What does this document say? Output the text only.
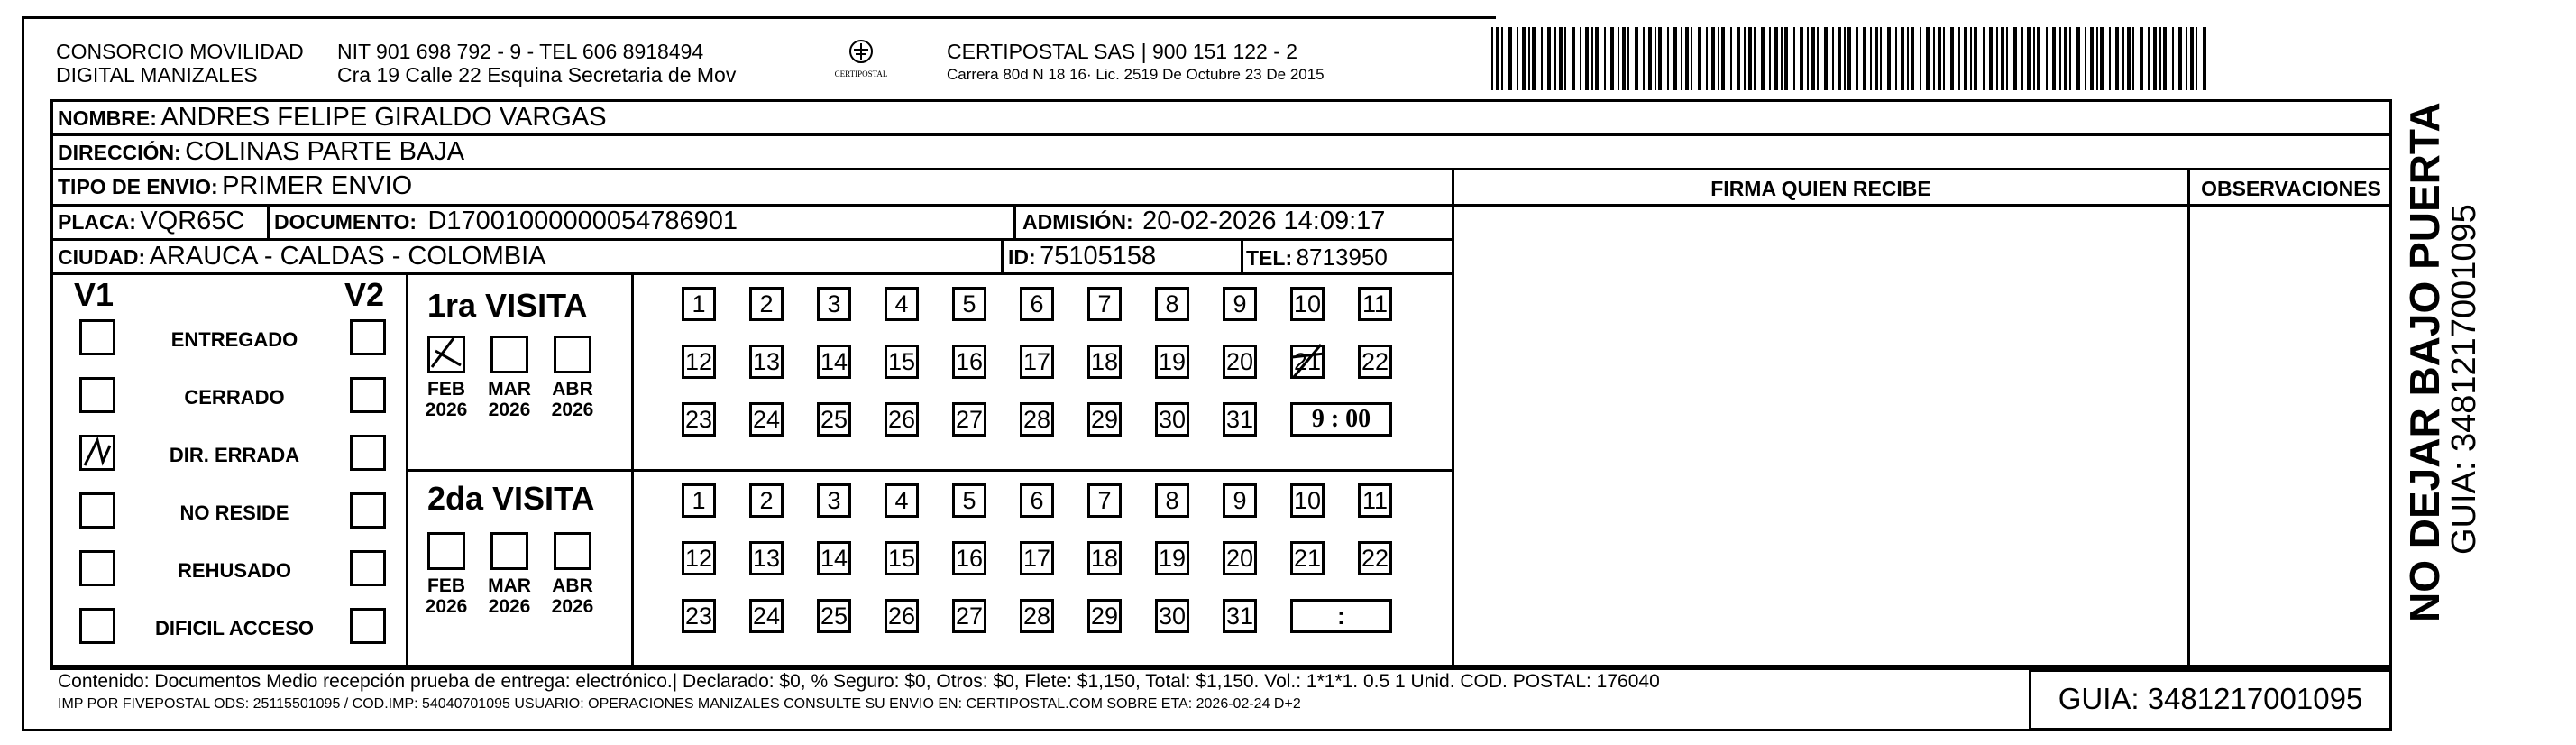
CONSORCIO MOVILIDAD
DIGITAL MANIZALES
NIT 901 698 792 - 9 - TEL 606 8918494
Cra 19 Calle 22 Esquina Secretaria de Mov	CERTIPOSTAL
CERTIPOSTAL SAS | 900 151 122 - 2
Carrera 80d N 18 16· Lic. 2519 De Octubre 23 De 2015
NOMBRE: ANDRES FELIPE GIRALDO VARGAS
DIRECCIÓN: COLINAS PARTE BAJA
TIPO DE ENVIO: PRIMER ENVIO	FIRMA QUIEN RECIBE	OBSERVACIONES
PLACA: VQR65C DOCUMENTO: D17001000000054786901	ADMISIÓN: 20-02-2026 14:09:17
CIUDAD: ARAUCA - CALDAS - COLOMBIA	ID: 75105158	TEL: 8713950
V1	V2
ENTREGADO
CERRADO
DIR. ERRADA
NO RESIDE
REHUSADO
DIFICIL ACCESO
1ra VISITA
2da VISITA
FEB
2026
MAR
2026
ABR
2026
1	2	3	4	5	6	7	8	9	10 11
12 13 14 15 16 17 18 19 20 21 22
23 24 25 26 27 28 29 30 31	9 : 00
FEB
2026
MAR
2026
ABR
2026
1	2	3	4	5	6	7	8	9	10 11
12 13 14 15 16 17 18 19 20 21 22
23 24 25 26 27 28 29 30 31	:
Contenido: Documentos Medio recepción prueba de entrega: electrónico.| Declarado: $0, % Seguro: $0, Otros: $0, Flete: $1,150, Total: $1,150. Vol.: 1*1*1. 0.5 1 Unid. COD. POSTAL: 176040
IMP POR FIVEPOSTAL ODS: 25115501095 / COD.IMP: 54040701095 USUARIO: OPERACIONES MANIZALES CONSULTE SU ENVIO EN: CERTIPOSTAL.COM SOBRE ETA: 2026-02-24 D+2	GUIA: 3481217001095
NO DEJAR BAJO PUERTA
GUIA: 3481217001095
